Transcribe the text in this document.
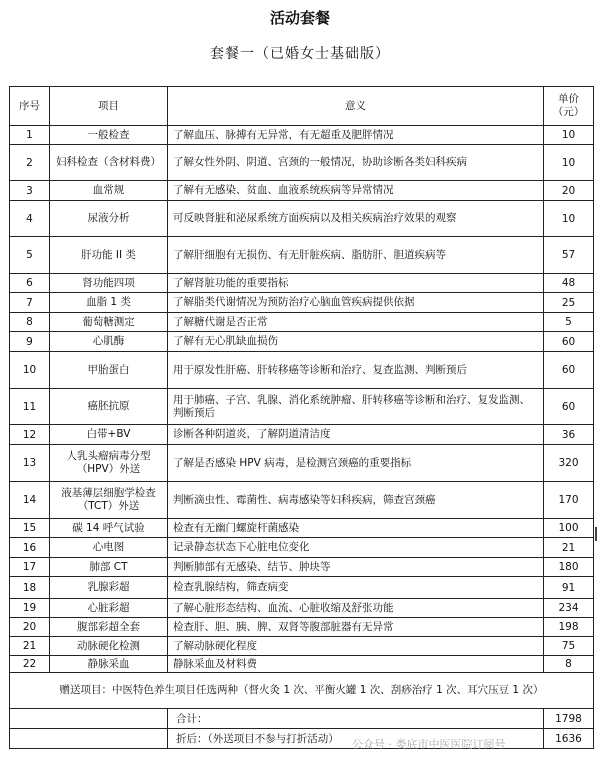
活动套餐
套餐一（已婚女士基础版）
序号	项目	意义	单价（元）
1	一般检查	了解血压、脉搏有无异常，有无超重及肥胖情况	10
2	妇科检查（含材料费）	了解女性外阴、阴道、宫颈的一般情况，协助诊断各类妇科疾病	10
3	血常规	了解有无感染、贫血、血液系统疾病等异常情况	20
4	尿液分析	可反映肾脏和泌尿系统方面疾病以及相关疾病治疗效果的观察	10
5	肝功能 II 类	了解肝细胞有无损伤、有无肝脏疾病、脂肪肝、胆道疾病等	57
6	肾功能四项	了解肾脏功能的重要指标	48
7	血脂 1 类	了解脂类代谢情况为预防治疗心脑血管疾病提供依据	25
8	葡萄糖测定	了解糖代谢是否正常	5
9	心肌酶	了解有无心肌缺血损伤	60
10	甲胎蛋白	用于原发性肝癌、肝转移癌等诊断和治疗、复查监测、判断预后	60
11	癌胚抗原	用于肺癌、子宫、乳腺、消化系统肿瘤、肝转移癌等诊断和治疗、复发监测、判断预后	60
12	白带+BV	诊断各种阴道炎，了解阴道清洁度	36
13	人乳头瘤病毒分型（HPV）外送	了解是否感染 HPV 病毒，是检测宫颈癌的重要指标	320
14	液基薄层细胞学检查（TCT）外送	判断滴虫性、霉菌性、病毒感染等妇科疾病，筛查宫颈癌	170
15	碳 14 呼气试验	检查有无幽门螺旋杆菌感染	100
16	心电图	记录静态状态下心脏电位变化	21
17	肺部 CT	判断肺部有无感染、结节、肿块等	180
18	乳腺彩超	检查乳腺结构，筛查病变	91
19	心脏彩超	了解心脏形态结构、血流、心脏收缩及舒张功能	234
20	腹部彩超全套	检查肝、胆、胰、脾、双肾等腹部脏器有无异常	198
21	动脉硬化检测	了解动脉硬化程度	75
22	静脉采血	静脉采血及材料费	8
赠送项目：中医特色养生项目任选两种（督火灸 1 次、平衡火罐 1 次、刮痧治疗 1 次、耳穴压豆 1 次）			
		合计：	1798
		折后：（外送项目不参与打折活动）	1636
公众号 · 娄底市中医医院订阅号
